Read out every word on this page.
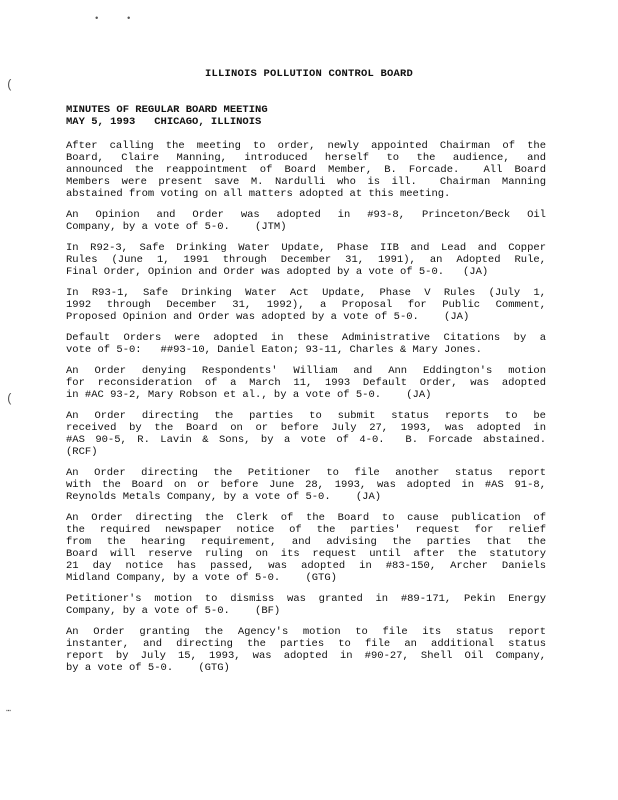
•	•
(
(
⋯
ILLINOIS POLLUTION CONTROL BOARD
MINUTES OF REGULAR BOARD MEETING
MAY 5, 1993   CHICAGO, ILLINOIS
After calling the meeting to order, newly appointed Chairman of the
Board, Claire Manning, introduced herself to the audience, and
announced the reappointment of Board Member, B. Forcade.  All Board
Members were present save M. Nardulli who is ill.  Chairman Manning
abstained from voting on all matters adopted at this meeting.
An Opinion and Order was adopted in #93-8, Princeton/Beck Oil
Company, by a vote of 5-0.    (JTM)
In R92-3, Safe Drinking Water Update, Phase IIB and Lead and Copper
Rules (June 1, 1991 through December 31, 1991), an Adopted Rule,
Final Order, Opinion and Order was adopted by a vote of 5-0.   (JA)
In R93-1, Safe Drinking Water Act Update, Phase V Rules (July 1,
1992 through December 31, 1992), a Proposal for Public Comment,
Proposed Opinion and Order was adopted by a vote of 5-0.    (JA)
Default Orders were adopted in these Administrative Citations by a
vote of 5-0:   ##93-10, Daniel Eaton; 93-11, Charles & Mary Jones.
An Order denying Respondents' William and Ann Eddington's motion
for reconsideration of a March 11, 1993 Default Order, was adopted
in #AC 93-2, Mary Robson et al., by a vote of 5-0.    (JA)
An Order directing the parties to submit status reports to be
received by the Board on or before July 27, 1993, was adopted in
#AS 90-5, R. Lavin & Sons, by a vote of 4-0.  B. Forcade abstained.
(RCF)
An Order directing the Petitioner to file another status report
with the Board on or before June 28, 1993, was adopted in #AS 91-8,
Reynolds Metals Company, by a vote of 5-0.    (JA)
An Order directing the Clerk of the Board to cause publication of
the required newspaper notice of the parties' request for relief
from the hearing requirement, and advising the parties that the
Board will reserve ruling on its request until after the statutory
21 day notice has passed, was adopted in #83-150, Archer Daniels
Midland Company, by a vote of 5-0.    (GTG)
Petitioner's motion to dismiss was granted in #89-171, Pekin Energy
Company, by a vote of 5-0.    (BF)
An Order granting the Agency's motion to file its status report
instanter, and directing the parties to file an additional status
report by July 15, 1993, was adopted in #90-27, Shell Oil Company,
by a vote of 5-0.    (GTG)
